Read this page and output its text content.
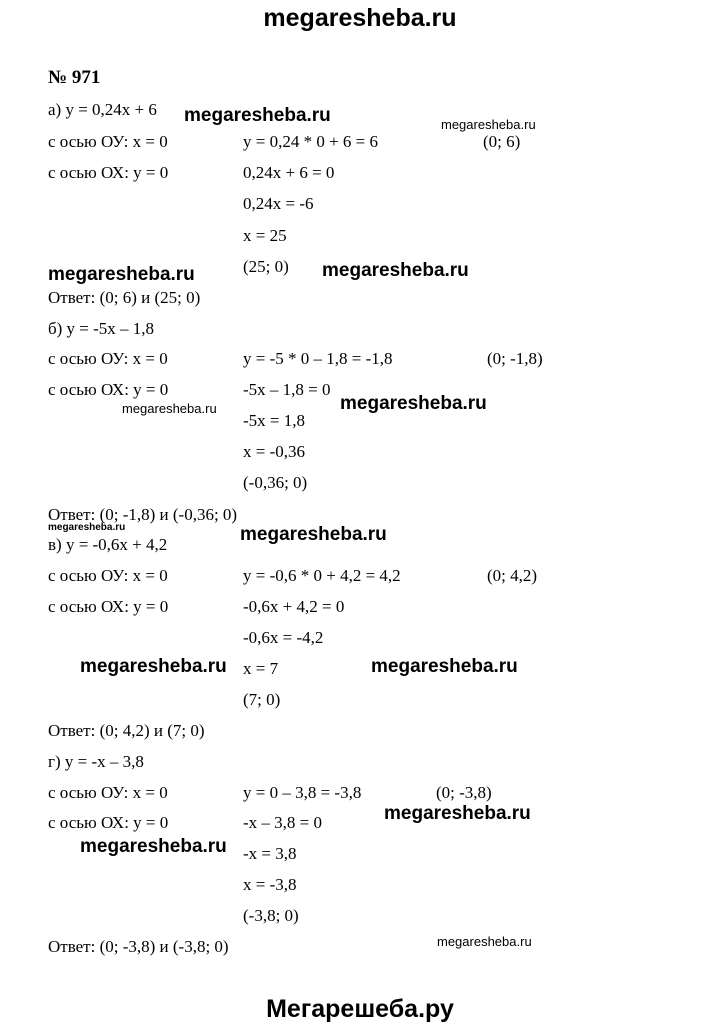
megaresheba.ru
№ 971
а) y = 0,24x + 6
с осью ОУ: x = 0	y = 0,24 * 0 + 6 = 6	(0; 6)
с осью ОХ: y = 0	0,24x + 6 = 0
0,24x = -6
x = 25
(25; 0)
Ответ: (0; 6) и (25; 0)
б) y = -5x – 1,8
с осью ОУ: x = 0	y = -5 * 0 – 1,8 = -1,8	(0; -1,8)
с осью ОХ: y = 0	-5x – 1,8 = 0
-5x = 1,8
x = -0,36
(-0,36; 0)
Ответ: (0; -1,8) и (-0,36; 0)
в) y = -0,6x + 4,2
с осью ОУ: x = 0	y = -0,6 * 0 + 4,2 = 4,2	(0; 4,2)
с осью ОХ: y = 0	-0,6x + 4,2 = 0
-0,6x = -4,2
x = 7
(7; 0)
Ответ: (0; 4,2) и (7; 0)
г) y = -x – 3,8
с осью ОУ: x = 0	y = 0 – 3,8 = -3,8	(0; -3,8)
с осью ОХ: y = 0	-x – 3,8 = 0
-x = 3,8
x = -3,8
(-3,8; 0)
Ответ: (0; -3,8) и (-3,8; 0)
megaresheba.ru	megaresheba.ru
megaresheba.ru	megaresheba.ru
megaresheba.ru	megaresheba.ru
megaresheba.ru	megaresheba.ru
megaresheba.ru	megaresheba.ru
megaresheba.ru
megaresheba.ru
megaresheba.ru
Мегарешеба.ру
